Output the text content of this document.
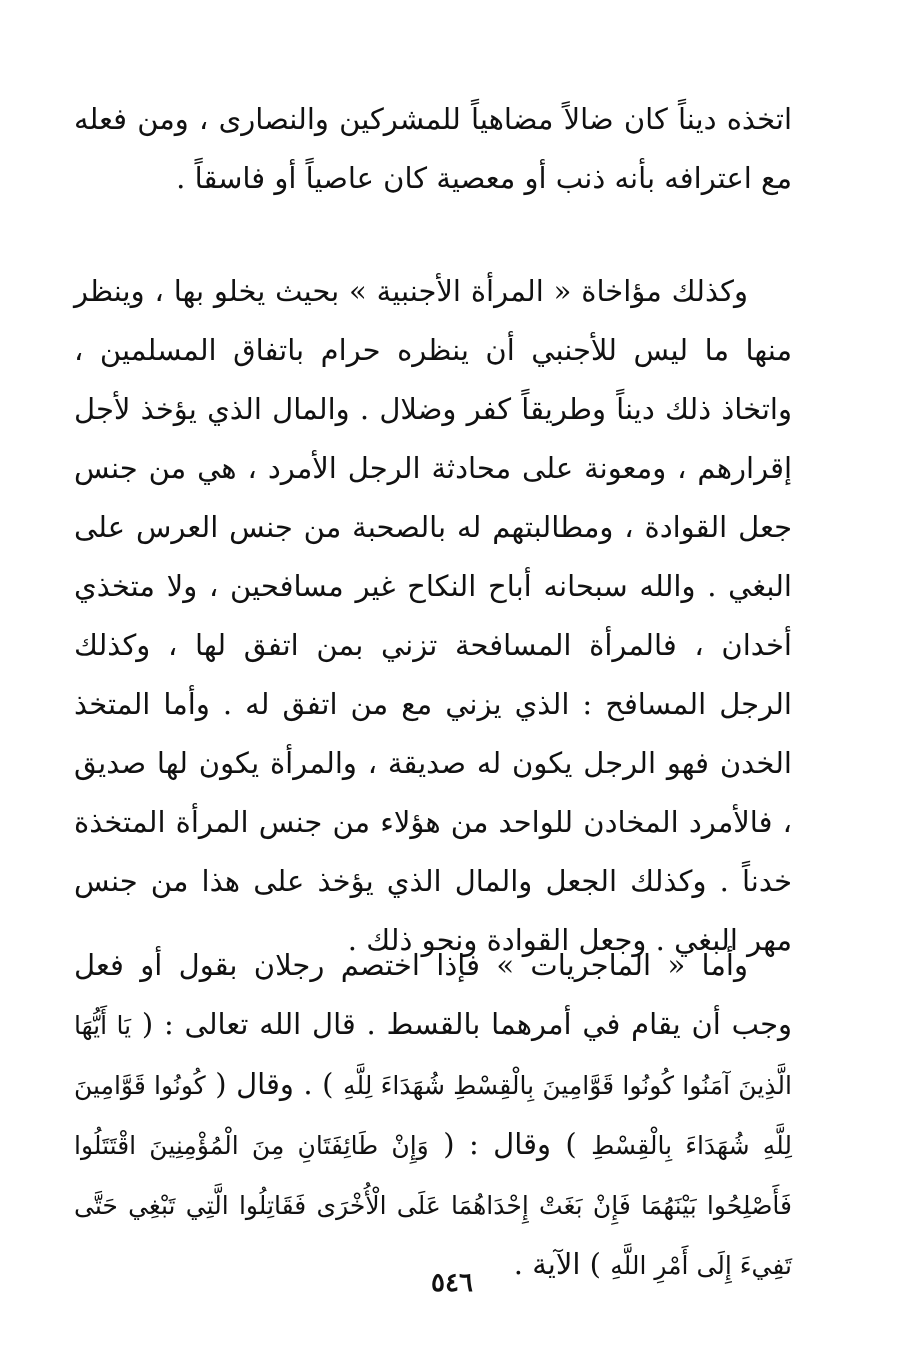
اتخذه ديناً كان ضالاً مضاهياً للمشركين والنصارى ، ومن فعله مع اعترافه بأنه ذنب أو معصية كان عاصياً أو فاسقاً .

وكذلك مؤاخاة « المرأة الأجنبية » بحيث يخلو بها ، وينظر منها ما ليس للأجنبي أن ينظره حرام باتفاق المسلمين ، واتخاذ ذلك ديناً وطريقاً كفر وضلال . والمال الذي يؤخذ لأجل إقرارهم ، ومعونة على محادثة الرجل الأمرد ، هي من جنس جعل القوادة ، ومطالبتهم له بالصحبة من جنس العرس على البغي . والله سبحانه أباح النكاح غير مسافحين ، ولا متخذي أخدان ، فالمرأة المسافحة تزني بمن اتفق لها ، وكذلك الرجل المسافح : الذي يزني مع من اتفق له . وأما المتخذ الخدن فهو الرجل يكون له صديقة ، والمرأة يكون لها صديق ، فالأمرد المخادن للواحد من هؤلاء من جنس المرأة المتخذة خدناً . وكذلك الجعل والمال الذي يؤخذ على هذا من جنس مهر البغي . وجعل القوادة ونحو ذلك .

وأما « الماجريات » فإذا اختصم رجلان بقول أو فعل وجب أن يقام في أمرهما بالقسط . قال الله تعالى : ( يَا أَيُّهَا الَّذِينَ آمَنُوا كُونُوا قَوَّامِينَ بِالْقِسْطِ شُهَدَاءَ لِلَّهِ ) . وقال ( كُونُوا قَوَّامِينَ لِلَّهِ شُهَدَاءَ بِالْقِسْطِ ) وقال : ( وَإِنْ طَائِفَتَانِ مِنَ الْمُؤْمِنِينَ اقْتَتَلُوا فَأَصْلِحُوا بَيْنَهُمَا فَإِنْ بَغَتْ إِحْدَاهُمَا عَلَى الْأُخْرَى فَقَاتِلُوا الَّتِي تَبْغِي حَتَّى تَفِيءَ إِلَى أَمْرِ اللَّهِ ) الآية .

٥٤٦
